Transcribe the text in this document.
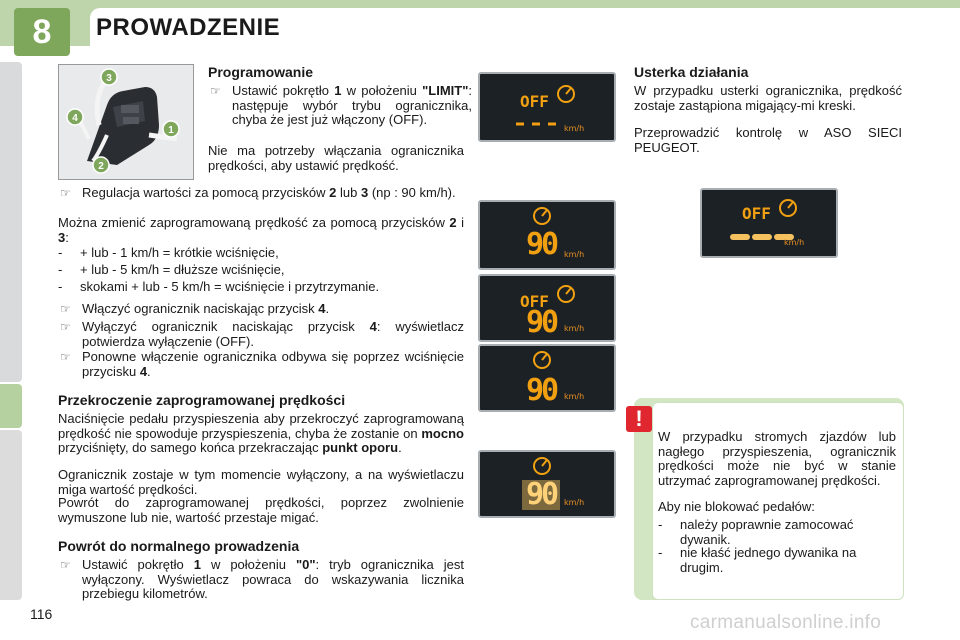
8	PROWADZENIE
3
4
1
2

Programowanie

☞ Ustawić pokrętło 1 w położeniu "LIMIT": następuje wybór trybu ogranicznika, chyba że jest już włączony (OFF).

Nie ma potrzeby włączania ogranicznika prędkości, aby ustawić prędkość.

☞ Regulacja wartości za pomocą przycisków 2 lub 3 (np : 90 km/h).

Można zmienić zaprogramowaną prędkość za pomocą przycisków 2 i 3:

- + lub - 1 km/h = krótkie wciśnięcie,

- + lub - 5 km/h = dłuższe wciśnięcie,

- skokami + lub - 5 km/h = wciśnięcie i przytrzymanie.

☞ Włączyć ogranicznik naciskając przycisk 4.

☞ Wyłączyć ogranicznik naciskając przycisk 4: wyświetlacz potwierdza wyłączenie (OFF).

☞ Ponowne włączenie ogranicznika odbywa się poprzez wciśnięcie przycisku 4.

Przekroczenie zaprogramowanej prędkości

Naciśnięcie pedału przyspieszenia aby przekroczyć zaprogramowaną prędkość nie spowoduje przyspieszenia, chyba że zostanie on mocno przyciśnięty, do samego końca przekraczając punkt oporu.

Ogranicznik zostaje w tym momencie wyłączony, a na wyświetlaczu miga wartość prędkości.

Powrót do zaprogramowanej prędkości, poprzez zwolnienie wymuszone lub nie, wartość przestaje migać.

Powrót do normalnego prowadzenia

☞ Ustawić pokrętło 1 w położeniu "0": tryb ogranicznika jest wyłączony. Wyświetlacz powraca do wskazywania licznika przebiegu kilometrów.

OFF
km/h
90 km/h
OFF
90 km/h
90 km/h
90 km/h

Usterka działania

W przypadku usterki ogranicznika, prędkość zostaje zastąpiona migający-mi kreski.

Przeprowadzić kontrolę w ASO SIECI PEUGEOT.

OFF
km/h
!

W przypadku stromych zjazdów lub nagłego przyspieszenia, ogranicznik prędkości może nie być w stanie utrzymać zaprogramowanej prędkości.

Aby nie blokować pedałów:

- należy poprawnie zamocować dywanik.

- nie kłaść jednego dywanika na drugim.

116	carmanualsonline.info
